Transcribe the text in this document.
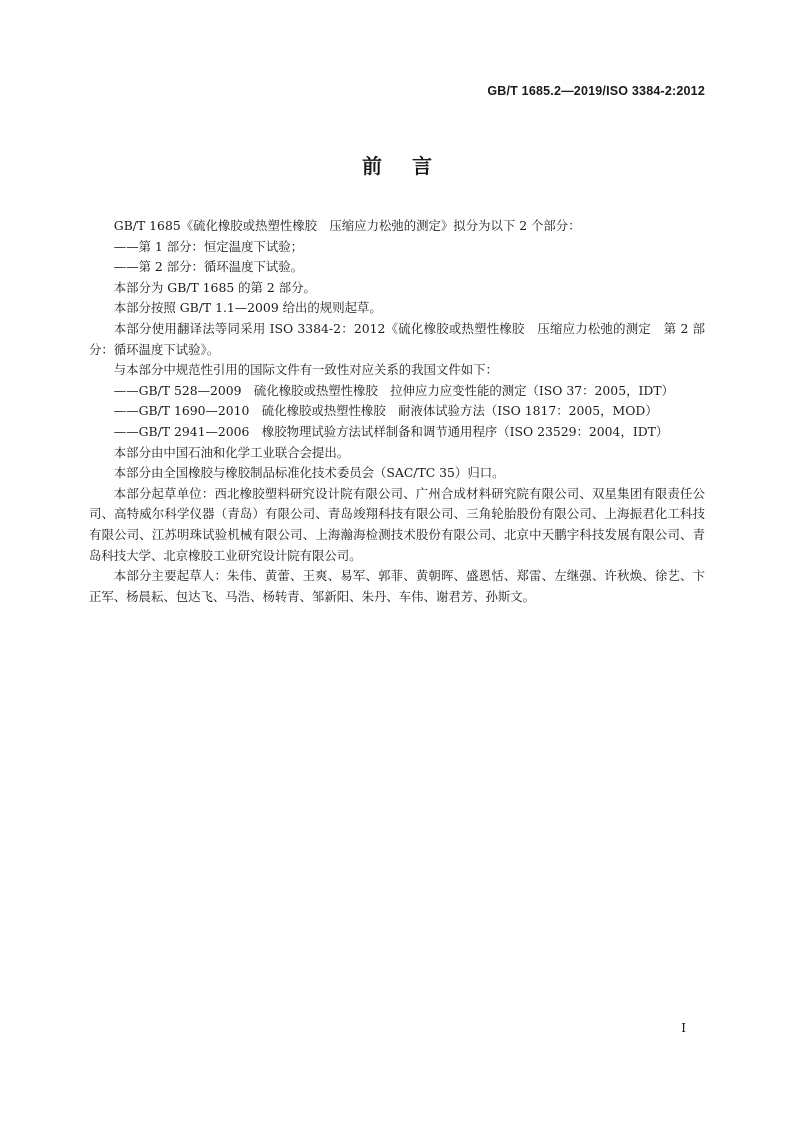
GB/T 1685.2—2019/ISO 3384-2:2012
前言

GB/T 1685《硫化橡胶或热塑性橡胶　压缩应力松弛的测定》拟分为以下 2 个部分：

——第 1 部分：恒定温度下试验；

——第 2 部分：循环温度下试验。

本部分为 GB/T 1685 的第 2 部分。

本部分按照 GB/T 1.1—2009 给出的规则起草。

本部分使用翻译法等同采用 ISO 3384-2：2012《硫化橡胶或热塑性橡胶　压缩应力松弛的测定　第 2 部分：循环温度下试验》。

与本部分中规范性引用的国际文件有一致性对应关系的我国文件如下：

——GB/T 528—2009　硫化橡胶或热塑性橡胶　拉伸应力应变性能的测定（ISO 37：2005，IDT）

——GB/T 1690—2010　硫化橡胶或热塑性橡胶　耐液体试验方法（ISO 1817：2005，MOD）

——GB/T 2941—2006　橡胶物理试验方法试样制备和调节通用程序（ISO 23529：2004，IDT）

本部分由中国石油和化学工业联合会提出。

本部分由全国橡胶与橡胶制品标准化技术委员会（SAC/TC 35）归口。

本部分起草单位：西北橡胶塑料研究设计院有限公司、广州合成材料研究院有限公司、双星集团有限责任公司、高特威尔科学仪器（青岛）有限公司、青岛竣翔科技有限公司、三角轮胎股份有限公司、上海振君化工科技有限公司、江苏明珠试验机械有限公司、上海瀚海检测技术股份有限公司、北京中天鹏宇科技发展有限公司、青岛科技大学、北京橡胶工业研究设计院有限公司。

本部分主要起草人：朱伟、黄蕾、王爽、易军、郭菲、黄朝晖、盛恩恬、郑雷、左继强、许秋焕、徐艺、卞正军、杨晨耘、包达飞、马浩、杨转青、邹新阳、朱丹、车伟、谢君芳、孙斯文。

I
